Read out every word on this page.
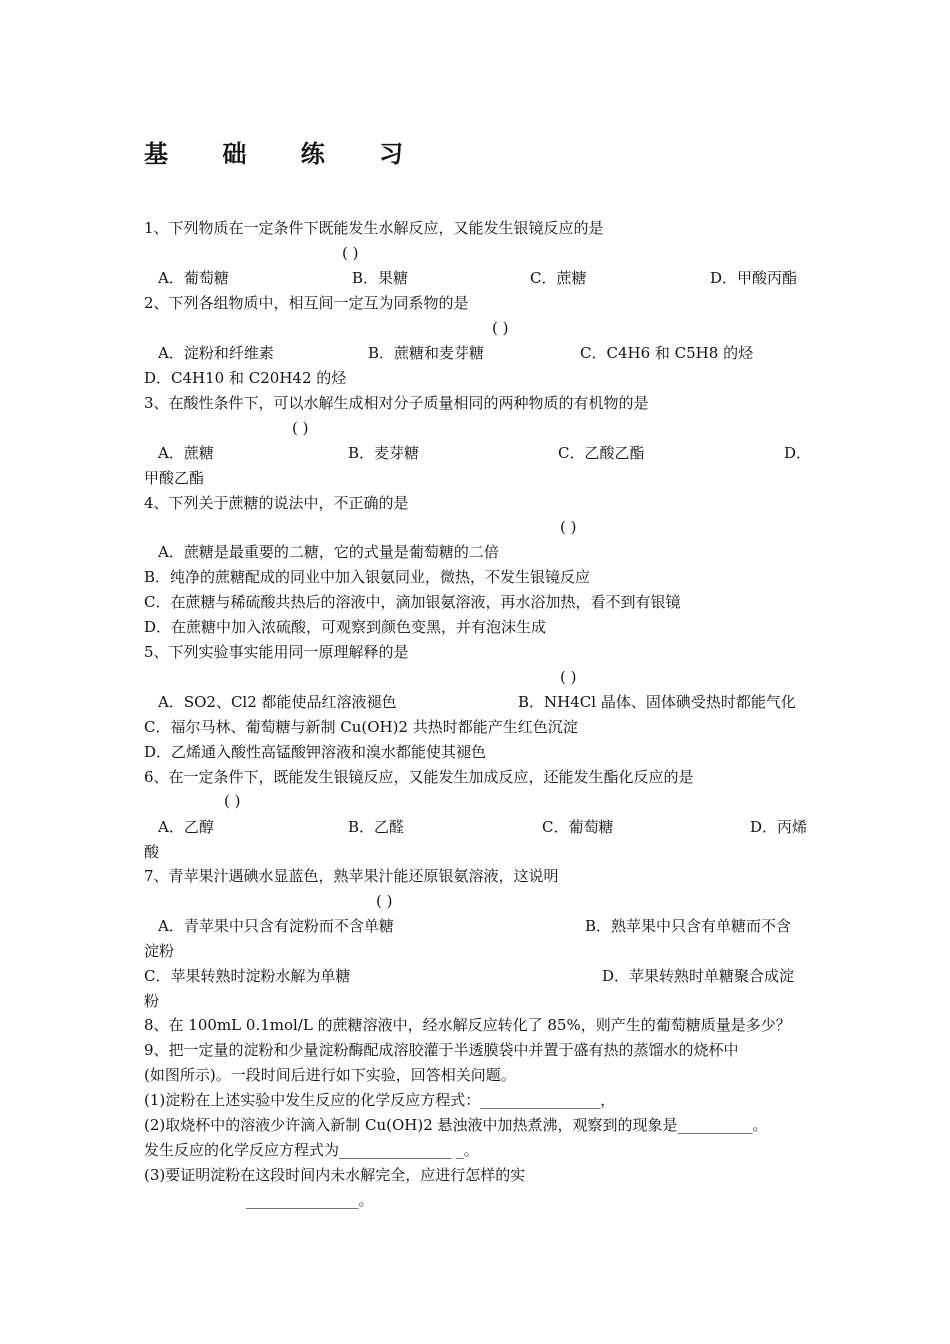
基 础 练 习

1、下列物质在一定条件下既能发生水解反应，又能发生银镜反应的是

( )

A．葡萄糖	B．果糖	C．蔗糖	D．甲酸丙酯

2、下列各组物质中，相互间一定互为同系物的是

( )

A．淀粉和纤维素	B．蔗糖和麦芽糖	C．C4H6 和 C5H8 的烃

D．C4H10 和 C20H42 的烃

3、在酸性条件下，可以水解生成相对分子质量相同的两种物质的有机物的是

( )

A．蔗糖	B．麦芽糖	C．乙酸乙酯	D．

甲酸乙酯

4、下列关于蔗糖的说法中，不正确的是

( )

A．蔗糖是最重要的二糖，它的式量是葡萄糖的二倍

B．纯净的蔗糖配成的同业中加入银氨同业，微热，不发生银镜反应

C．在蔗糖与稀硫酸共热后的溶液中，滴加银氨溶液，再水浴加热，看不到有银镜

D．在蔗糖中加入浓硫酸，可观察到颜色变黑，并有泡沫生成

5、下列实验事实能用同一原理解释的是

( )

A．SO2、Cl2 都能使品红溶液褪色	B．NH4Cl 晶体、固体碘受热时都能气化

C．福尔马林、葡萄糖与新制 Cu(OH)2 共热时都能产生红色沉淀

D．乙烯通入酸性高锰酸钾溶液和溴水都能使其褪色

6、在一定条件下，既能发生银镜反应，又能发生加成反应，还能发生酯化反应的是

( )

A．乙醇	B．乙醛	C．葡萄糖	D．丙烯

酸

7、青苹果汁遇碘水显蓝色，熟苹果汁能还原银氨溶液，这说明

( )

A．青苹果中只含有淀粉而不含单糖	B．熟苹果中只含有单糖而不含

淀粉

C．苹果转熟时淀粉水解为单糖	D．苹果转熟时单糖聚合成淀

粉

8、在 100mL 0.1mol/L 的蔗糖溶液中，经水解反应转化了 85%，则产生的葡萄糖质量是多少？

9、把一定量的淀粉和少量淀粉酶配成溶胶灌于半透膜袋中并置于盛有热的蒸馏水的烧杯中

(如图所示)。一段时间后进行如下实验，回答相关问题。

(1)淀粉在上述实验中发生反应的化学反应方程式：________________，

(2)取烧杯中的溶液少许滴入新制 Cu(OH)2 悬浊液中加热煮沸，观察到的现象是__________。

发生反应的化学反应方程式为_______________ _。

(3)要证明淀粉在这段时间内未水解完全，应进行怎样的实

_______________。
